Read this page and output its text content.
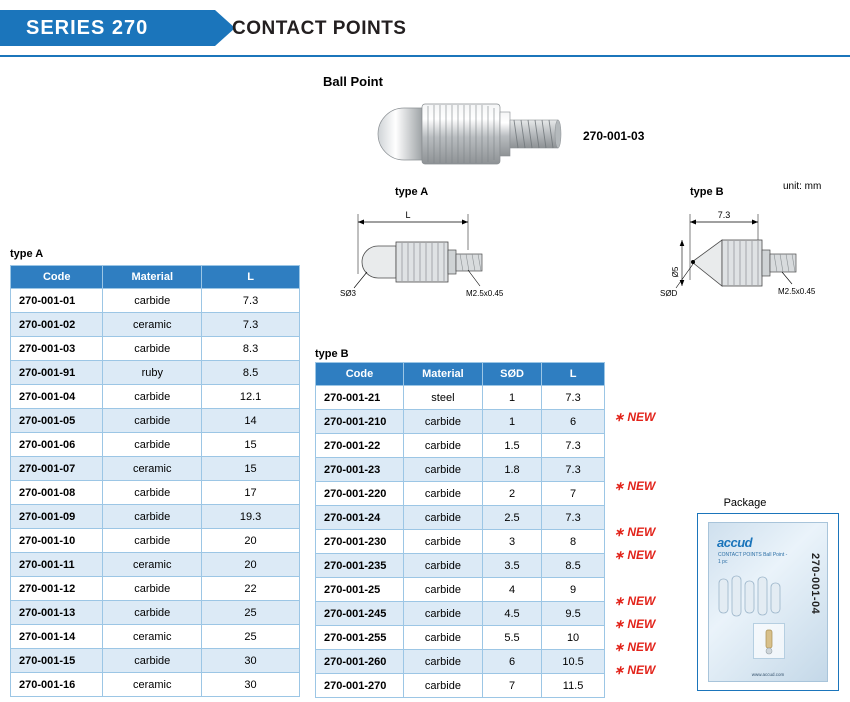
SERIES 270	CONTACT POINTS
Ball Point
270-001-03
unit: mm
type A
L
SØ3	M2.5x0.45
type B
7.3
Ø5
SØD	M2.5x0.45
type A
Code	Material	L
270-001-01	carbide	7.3
270-001-02	ceramic	7.3
270-001-03	carbide	8.3
270-001-91	ruby	8.5
270-001-04	carbide	12.1
270-001-05	carbide	14
270-001-06	carbide	15
270-001-07	ceramic	15
270-001-08	carbide	17
270-001-09	carbide	19.3
270-001-10	carbide	20
270-001-11	ceramic	20
270-001-12	carbide	22
270-001-13	carbide	25
270-001-14	ceramic	25
270-001-15	carbide	30
270-001-16	ceramic	30
type B
Code	Material	SØD	L
270-001-21	steel	1	7.3
270-001-210	carbide	1	6
270-001-22	carbide	1.5	7.3
270-001-23	carbide	1.8	7.3
270-001-220	carbide	2	7
270-001-24	carbide	2.5	7.3
270-001-230	carbide	3	8
270-001-235	carbide	3.5	8.5
270-001-25	carbide	4	9
270-001-245	carbide	4.5	9.5
270-001-255	carbide	5.5	10
270-001-260	carbide	6	10.5
270-001-270	carbide	7	11.5
∗ NEW
∗ NEW
∗ NEW
∗ NEW
∗ NEW
∗ NEW
∗ NEW
∗ NEW
Package
accud
CONTACT POINTS Ball Point - 1 pc	270-001-04
www.accud.com
